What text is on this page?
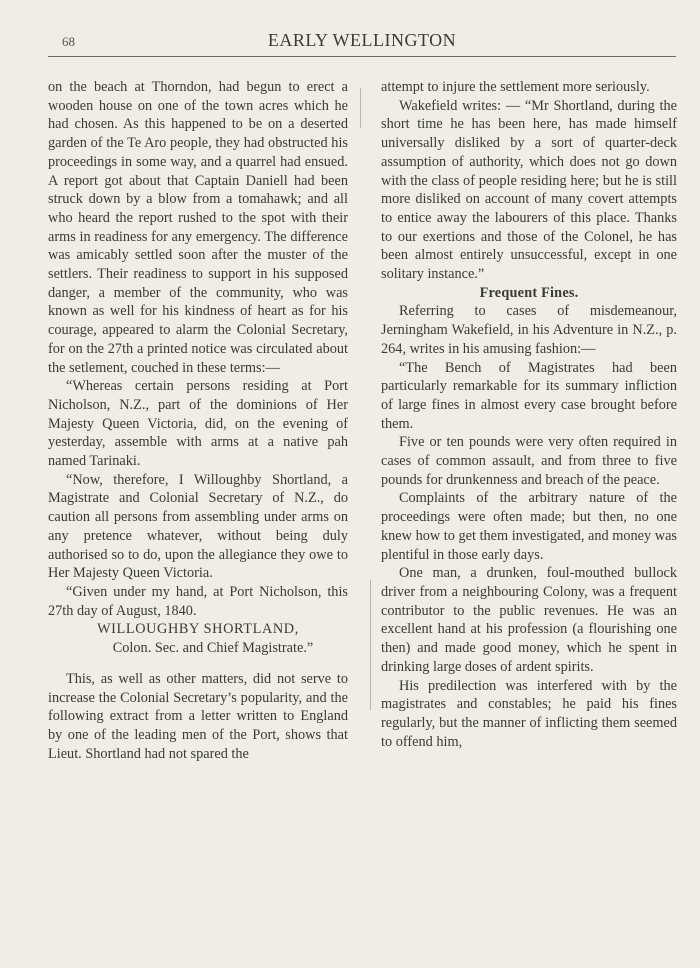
68	EARLY WELLINGTON

on the beach at Thorndon, had begun to erect a wooden house on one of the town acres which he had chosen. As this happened to be on a deserted garden of the Te Aro people, they had obstructed his proceedings in some way, and a quarrel had ensued. A report got about that Captain Daniell had been struck down by a blow from a tomahawk; and all who heard the report rushed to the spot with their arms in readiness for any emergency. The difference was amicably settled soon after the muster of the settlers. Their readiness to support in his supposed danger, a member of the community, who was known as well for his kindness of heart as for his courage, appeared to alarm the Colonial Secretary, for on the 27th a printed notice was circulated about the setlement, couched in these terms:—

“Whereas certain persons residing at Port Nicholson, N.Z., part of the dominions of Her Majesty Queen Victoria, did, on the evening of yesterday, assemble with arms at a native pah named Tarinaki.

“Now, therefore, I Willoughby Shortland, a Magistrate and Colonial Secretary of N.Z., do caution all persons from assembling under arms on any pretence whatever, without being duly authorised so to do, upon the allegiance they owe to Her Majesty Queen Victoria.

“Given under my hand, at Port Nicholson, this 27th day of August, 1840.

WILLOUGHBY SHORTLAND,

Colon. Sec. and Chief Magistrate.”

This, as well as other matters, did not serve to increase the Colonial Secretary’s popularity, and the following extract from a letter written to England by one of the leading men of the Port, shows that Lieut. Shortland had not spared the

attempt to injure the settlement more seriously.

Wakefield writes: — “Mr Shortland, during the short time he has been here, has made himself universally disliked by a sort of quarter-deck assumption of authority, which does not go down with the class of people residing here; but he is still more disliked on account of many covert attempts to entice away the labourers of this place. Thanks to our exertions and those of the Colonel, he has been almost entirely unsuccessful, except in one solitary instance.”

Frequent Fines.

Referring to cases of misdemeanour, Jerningham Wakefield, in his Adventure in N.Z., p. 264, writes in his amusing fashion:—

“The Bench of Magistrates had been particularly remarkable for its summary infliction of large fines in almost every case brought before them.

Five or ten pounds were very often required in cases of common assault, and from three to five pounds for drunkenness and breach of the peace.

Complaints of the arbitrary nature of the proceedings were often made; but then, no one knew how to get them investigated, and money was plentiful in those early days.

One man, a drunken, foul-mouthed bullock driver from a neighbouring Colony, was a frequent contributor to the public revenues. He was an excellent hand at his profession (a flourishing one then) and made good money, which he spent in drinking large doses of ardent spirits.

His predilection was interfered with by the magistrates and constables; he paid his fines regularly, but the manner of inflicting them seemed to offend him,
